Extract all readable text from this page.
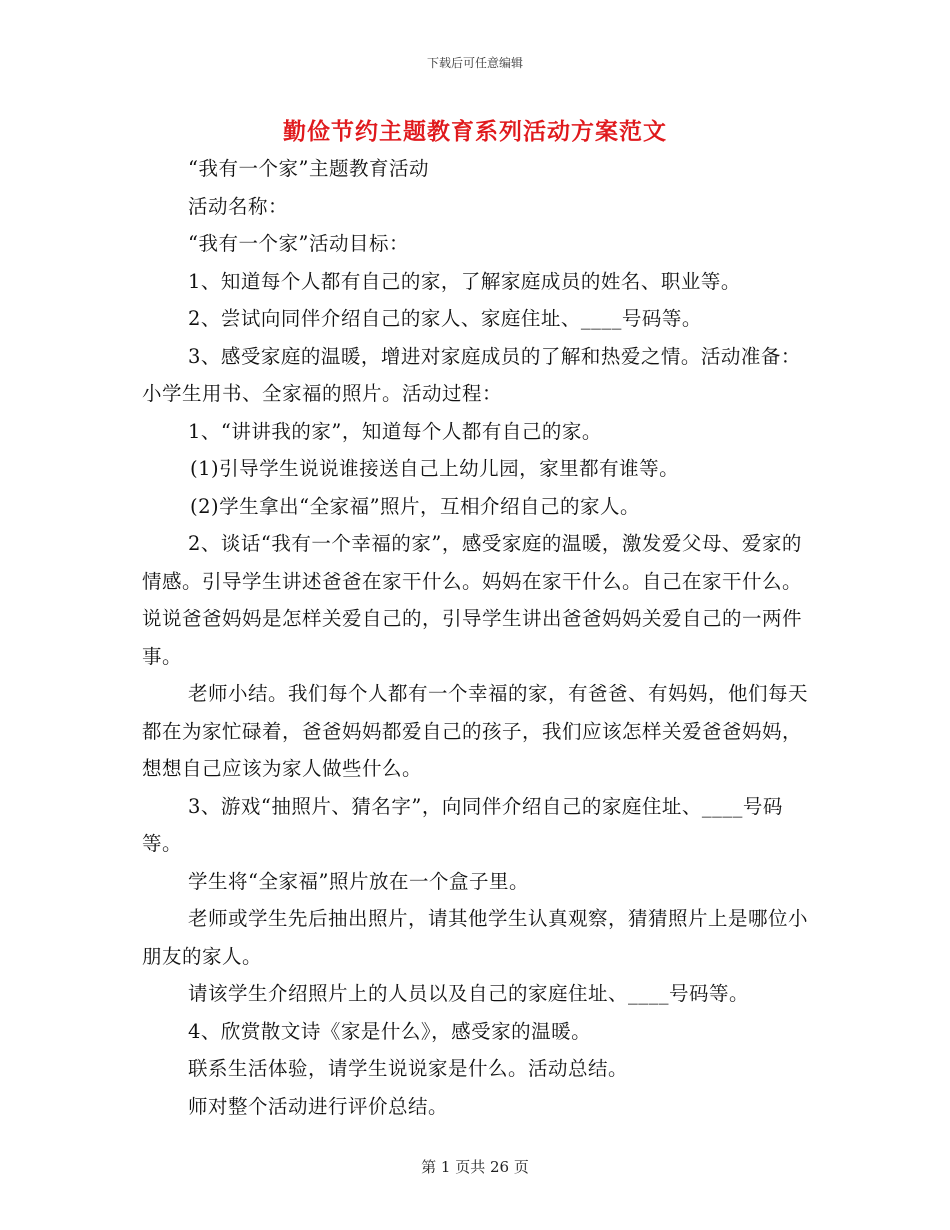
下载后可任意编辑
勤俭节约主题教育系列活动方案范文

“我有一个家”主题教育活动

活动名称：

“我有一个家”活动目标：

1、知道每个人都有自己的家，了解家庭成员的姓名、职业等。

2、尝试向同伴介绍自己的家人、家庭住址、____号码等。

3、感受家庭的温暖，增进对家庭成员的了解和热爱之情。活动准备：小学生用书、全家福的照片。活动过程：

1、“讲讲我的家”，知道每个人都有自己的家。

(1)引导学生说说谁接送自己上幼儿园，家里都有谁等。

(2)学生拿出“全家福”照片，互相介绍自己的家人。

2、谈话“我有一个幸福的家”，感受家庭的温暖，激发爱父母、爱家的情感。引导学生讲述爸爸在家干什么。妈妈在家干什么。自己在家干什么。说说爸爸妈妈是怎样关爱自己的，引导学生讲出爸爸妈妈关爱自己的一两件事。

老师小结。我们每个人都有一个幸福的家，有爸爸、有妈妈，他们每天都在为家忙碌着，爸爸妈妈都爱自己的孩子，我们应该怎样关爱爸爸妈妈，想想自己应该为家人做些什么。

3、游戏“抽照片、猜名字”，向同伴介绍自己的家庭住址、____号码等。

学生将“全家福”照片放在一个盒子里。

老师或学生先后抽出照片，请其他学生认真观察，猜猜照片上是哪位小朋友的家人。

请该学生介绍照片上的人员以及自己的家庭住址、____号码等。

4、欣赏散文诗《家是什么》，感受家的温暖。

联系生活体验，请学生说说家是什么。活动总结。

师对整个活动进行评价总结。

第 1 页共 26 页
